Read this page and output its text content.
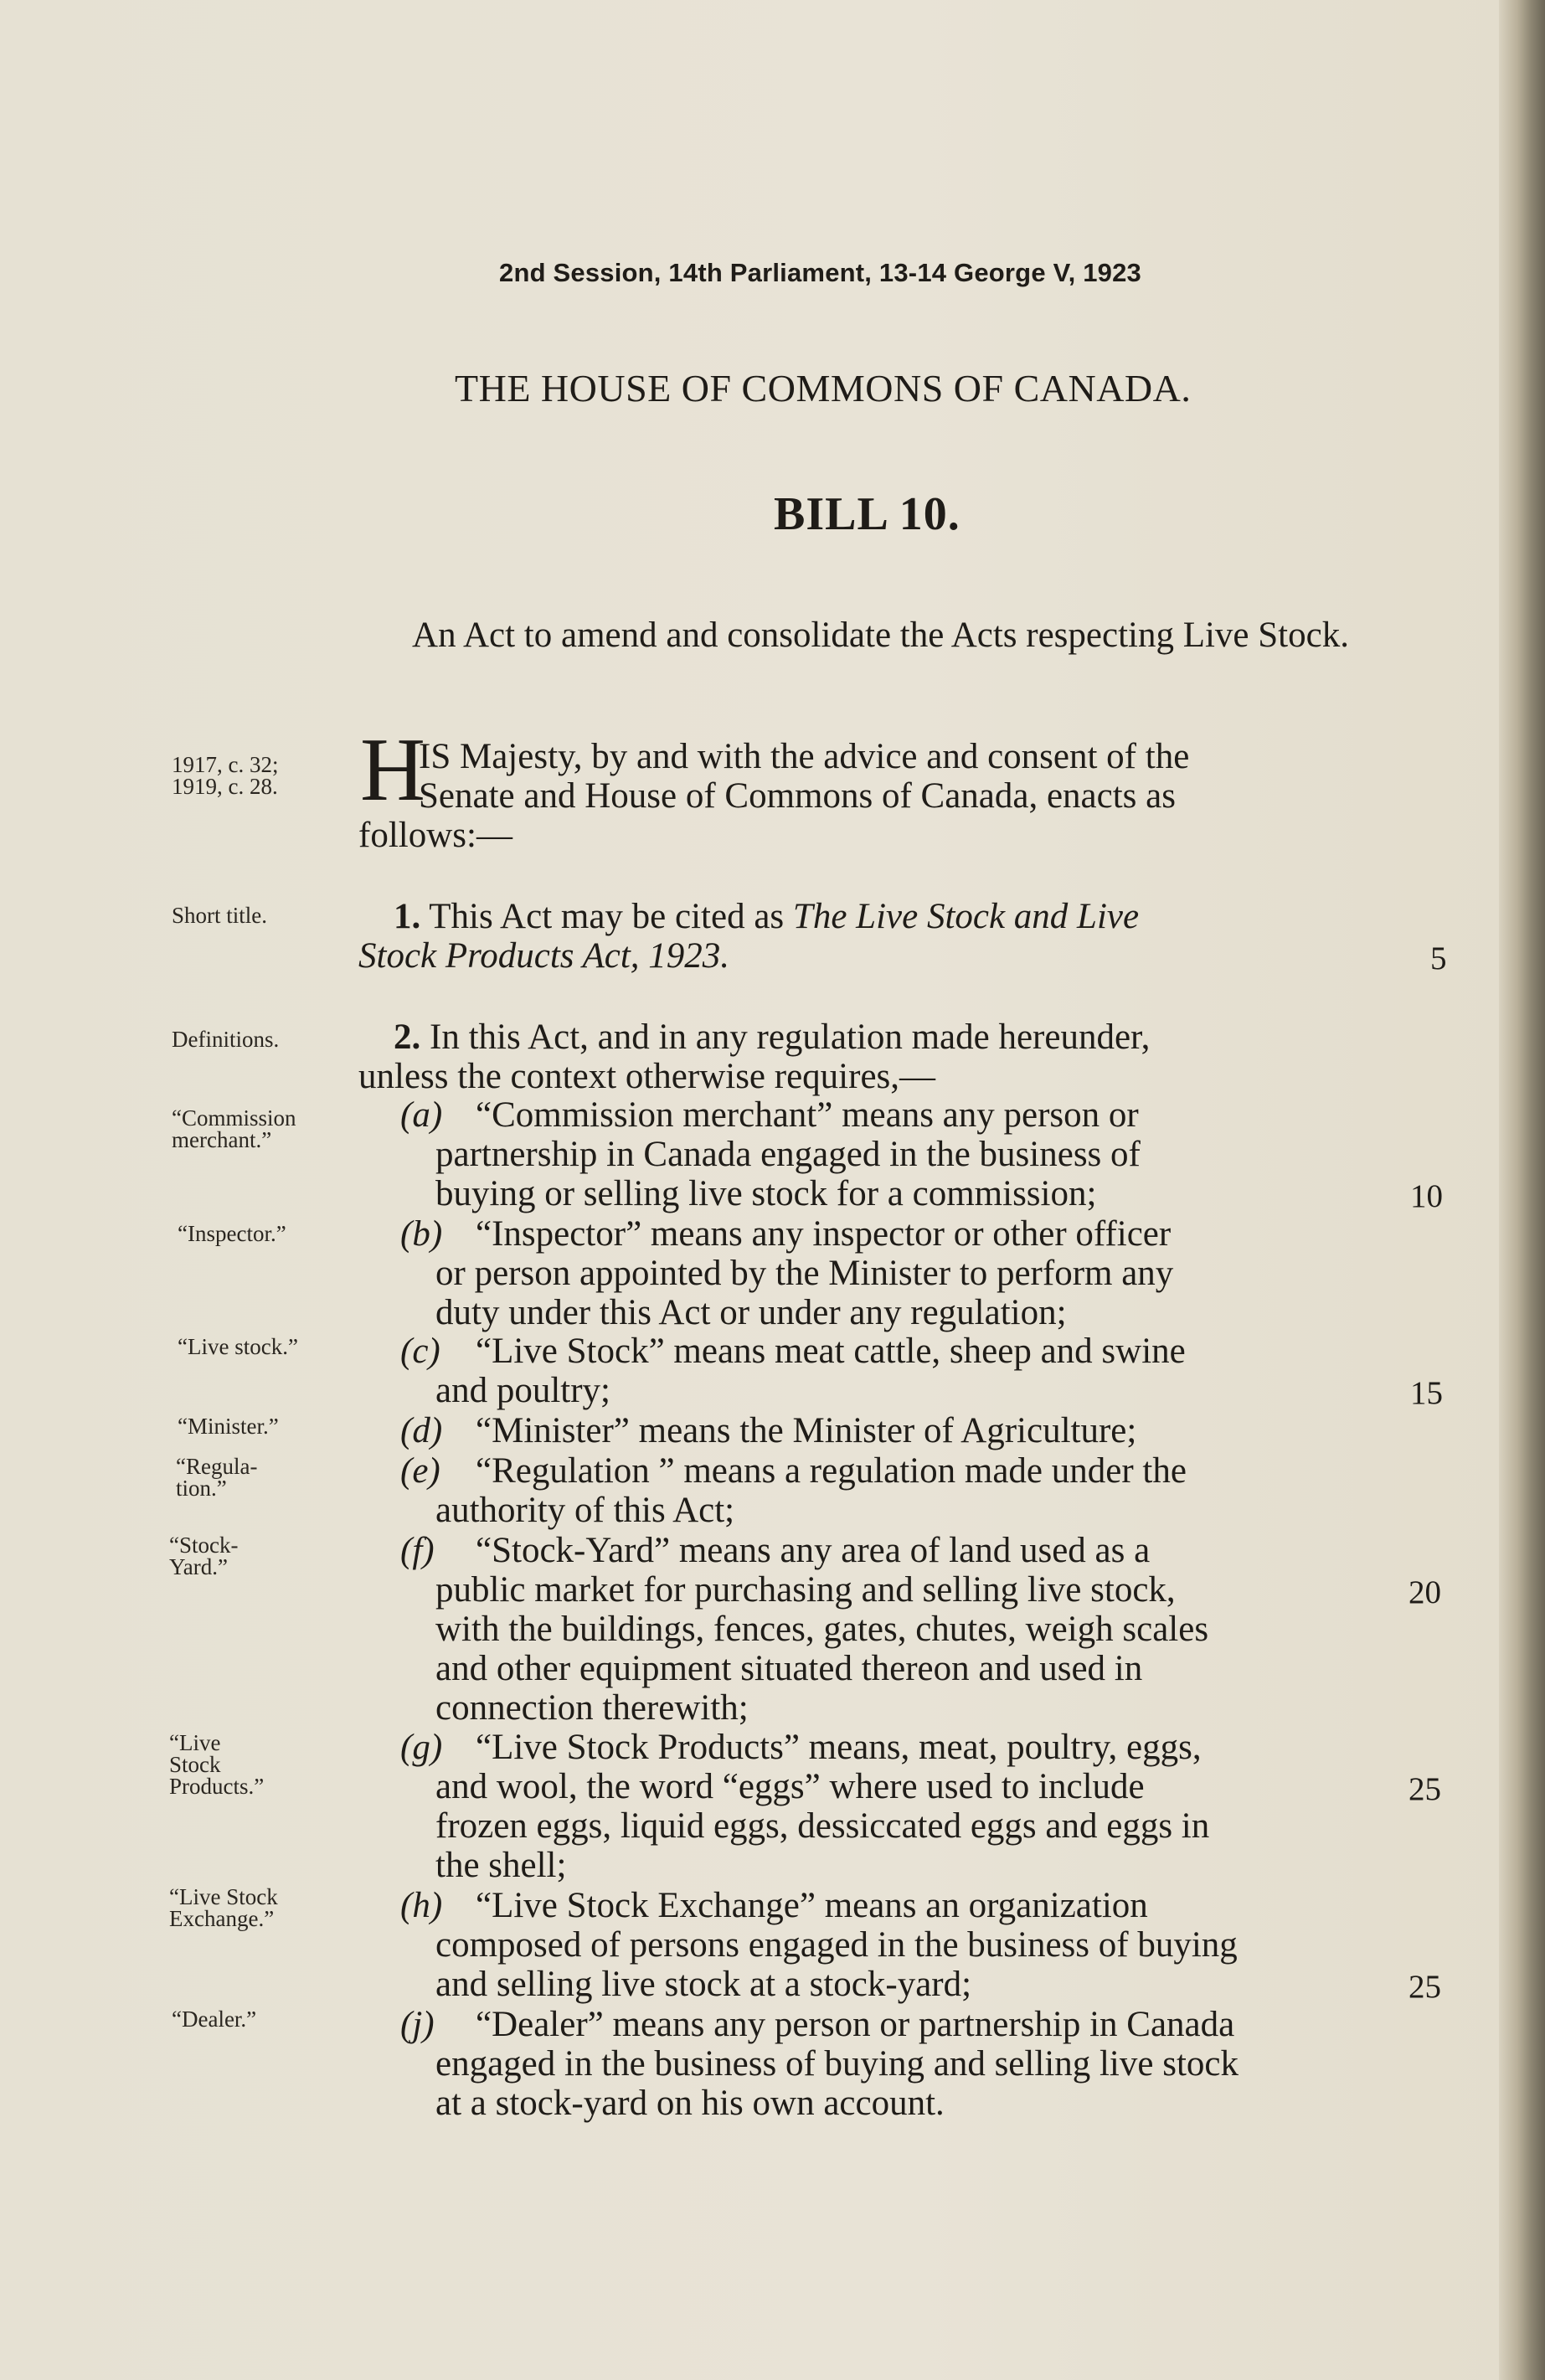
2nd Session, 14th Parliament, 13-14 George V, 1923
THE HOUSE OF COMMONS OF CANADA.
BILL 10.
An Act to amend and consolidate the Acts respecting Live Stock.
1917, c. 32; 1919, c. 28.
Short title.
Definitions.
“Commission merchant.”
“Inspector.”
“Live stock.”
“Minister.”
“Regula-tion.”
“Stock-Yard.”
“Live Stock Products.”
“Live Stock Exchange.”
“Dealer.”
H
IS Majesty, by and with the advice and consent of the
Senate and House of Commons of Canada, enacts as
follows:—
1. This Act may be cited as The Live Stock and Live
Stock Products Act, 1923.
2. In this Act, and in any regulation made hereunder,
unless the context otherwise requires,—
(a) “Commission merchant” means any person or
partnership in Canada engaged in the business of
buying or selling live stock for a commission;
(b) “Inspector” means any inspector or other officer
or person appointed by the Minister to perform any
duty under this Act or under any regulation;
(c) “Live Stock” means meat cattle, sheep and swine
and poultry;
(d) “Minister” means the Minister of Agriculture;
(e) “Regulation ” means a regulation made under the
authority of this Act;
(f) “Stock-Yard” means any area of land used as a
public market for purchasing and selling live stock,
with the buildings, fences, gates, chutes, weigh scales
and other equipment situated thereon and used in
connection therewith;
(g) “Live Stock Products” means, meat, poultry, eggs,
and wool, the word “eggs” where used to include
frozen eggs, liquid eggs, dessiccated eggs and eggs in
the shell;
(h) “Live Stock Exchange” means an organization
composed of persons engaged in the business of buying
and selling live stock at a stock-yard;
(j) “Dealer” means any person or partnership in Canada
engaged in the business of buying and selling live stock
at a stock-yard on his own account.
5
10
15
20
25
25
